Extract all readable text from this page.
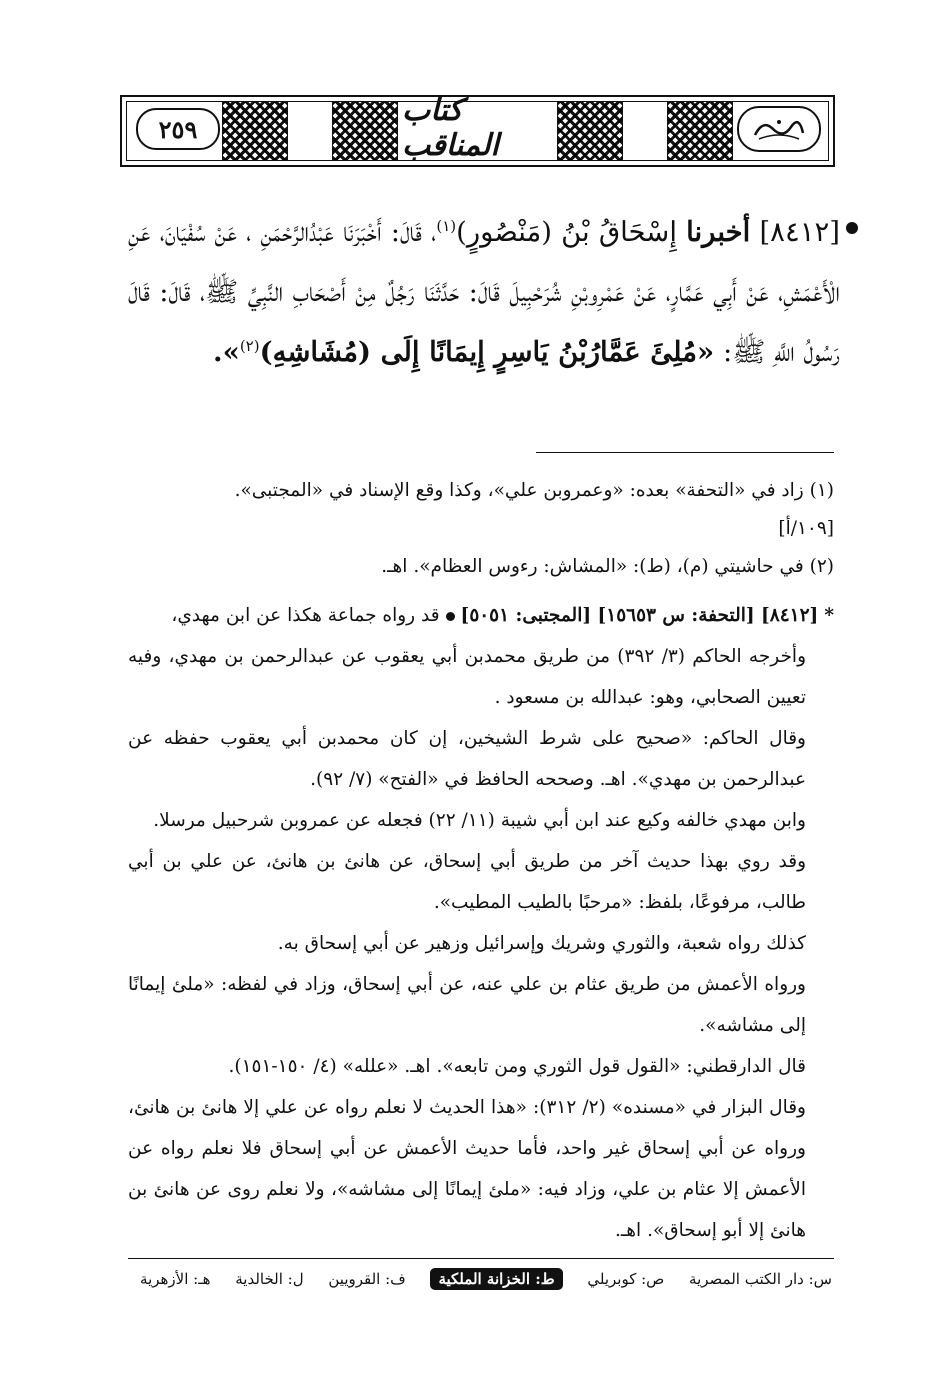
٢٥٩
كتاب المناقب
[٨٤١٢] أخبرنا إِسْحَاقُ بْنُ (مَنْصُورٍ)$^{(١)}$، قَالَ: أَخْبَرَنَا عَبْدُالرَّحْمَنِ ، عَنْ سُفْيَانَ، عَنِ الْأَعْمَشِ، عَنْ أَبِي عَمَّارٍ، عَنْ عَمْرِوبْنِ شُرَحْبِيلَ قَالَ: حَدَّثَنَا رَجُلٌ مِنْ أَصْحَابِ النَّبِيِّ ﷺ، قَالَ: قَالَ رَسُولُ اللَّهِ ﷺ: «مُلِئَ عَمَّارُبْنُ يَاسِرٍ إِيمَانًا إِلَى (مُشَاشِهِ)$^{(٢)}$».

(١) زاد في «التحفة» بعده: «وعمروبن علي»، وكذا وقع الإسناد في «المجتبى».

[١٠٩/أ]

(٢) في حاشيتي (م)، (ط): «المشاش: رءوس العظام». اهـ.

*[٨٤١٢] [التحفة: س ١٥٦٥٣] [المجتبى: ٥٠٥١]قد رواه جماعة هكذا عن ابن مهدي،

وأخرجه الحاكم (٣/ ٣٩٢) من طريق محمدبن أبي يعقوب عن عبدالرحمن بن مهدي، وفيه تعيين الصحابي، وهو: عبدالله بن مسعود .

وقال الحاكم: «صحيح على شرط الشيخين، إن كان محمدبن أبي يعقوب حفظه عن عبدالرحمن بن مهدي». اهـ. وصححه الحافظ في «الفتح» (٧/ ٩٢).

وابن مهدي خالفه وكيع عند ابن أبي شيبة (١١/ ٢٢) فجعله عن عمروبن شرحبيل مرسلا.

وقد روي بهذا حديث آخر من طريق أبي إسحاق، عن هانئ بن هانئ، عن علي بن أبي طالب، مرفوعًا، بلفظ: «مرحبًا بالطيب المطيب».

كذلك رواه شعبة، والثوري وشريك وإسرائيل وزهير عن أبي إسحاق به.

ورواه الأعمش من طريق عثام بن علي عنه، عن أبي إسحاق، وزاد في لفظه: «ملئ إيمانًا إلى مشاشه».

قال الدارقطني: «القول قول الثوري ومن تابعه». اهـ. «علله» (٤/ ١٥٠-١٥١).

وقال البزار في «مسنده» (٢/ ٣١٢): «هذا الحديث لا نعلم رواه عن علي إلا هانئ بن هانئ، ورواه عن أبي إسحاق غير واحد، فأما حديث الأعمش عن أبي إسحاق فلا نعلم رواه عن الأعمش إلا عثام بن علي، وزاد فيه: «ملئ إيمانًا إلى مشاشه»، ولا نعلم روى عن هانئ بن هانئ إلا أبو إسحاق». اهـ.

س: دار الكتب المصرية
ص: كوبريلي
ط: الخزانة الملكية
ف: القرويين
ل: الخالدية
هـ: الأزهرية
